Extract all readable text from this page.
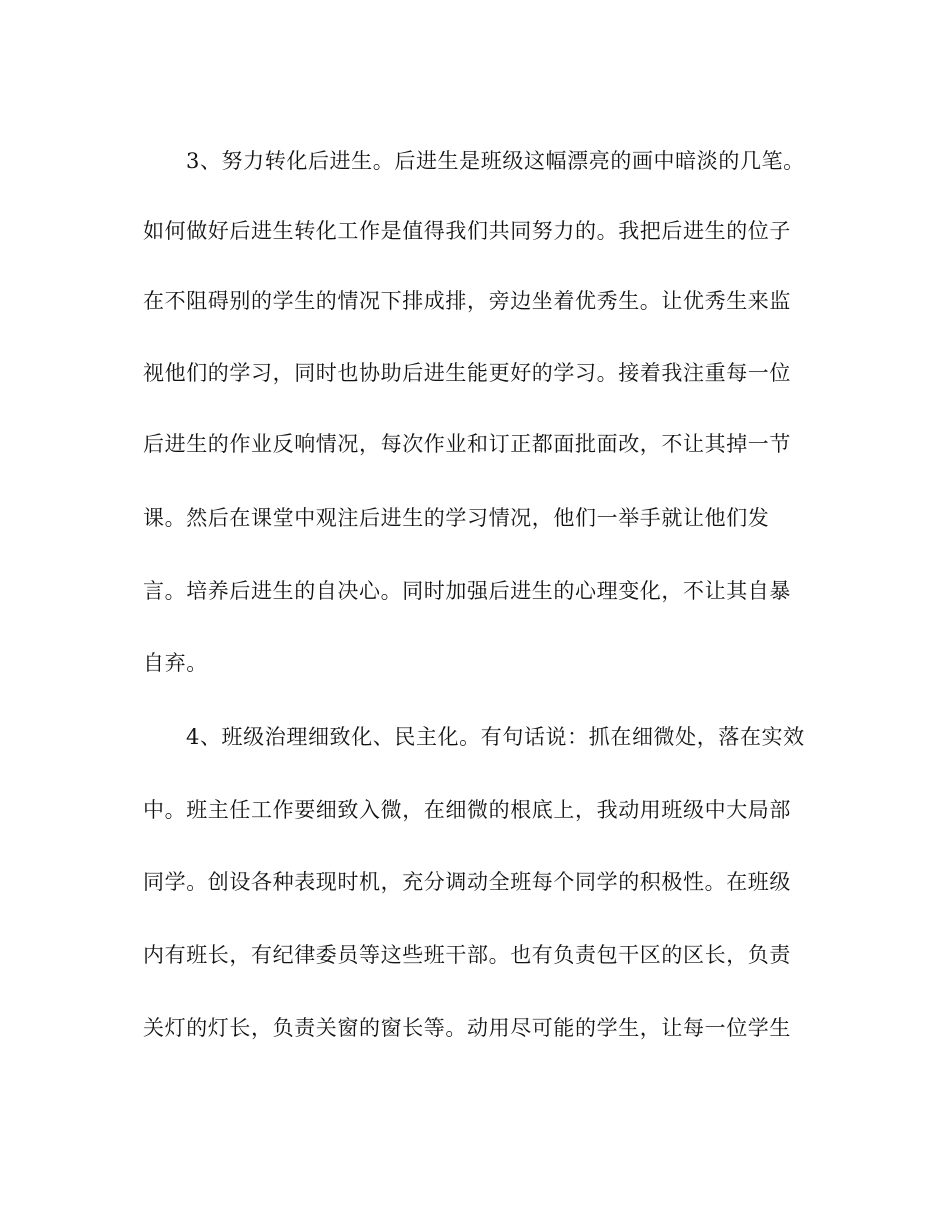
3、努力转化后进生。后进生是班级这幅漂亮的画中暗淡的几笔。
如何做好后进生转化工作是值得我们共同努力的。我把后进生的位子
在不阻碍别的学生的情况下排成排，旁边坐着优秀生。让优秀生来监
视他们的学习，同时也协助后进生能更好的学习。接着我注重每一位
后进生的作业反响情况，每次作业和订正都面批面改，不让其掉一节
课。然后在课堂中观注后进生的学习情况，他们一举手就让他们发
言。培养后进生的自决心。同时加强后进生的心理变化，不让其自暴
自弃。
4、班级治理细致化、民主化。有句话说：抓在细微处，落在实效
中。班主任工作要细致入微，在细微的根底上，我动用班级中大局部
同学。创设各种表现时机，充分调动全班每个同学的积极性。在班级
内有班长，有纪律委员等这些班干部。也有负责包干区的区长，负责
关灯的灯长，负责关窗的窗长等。动用尽可能的学生，让每一位学生
